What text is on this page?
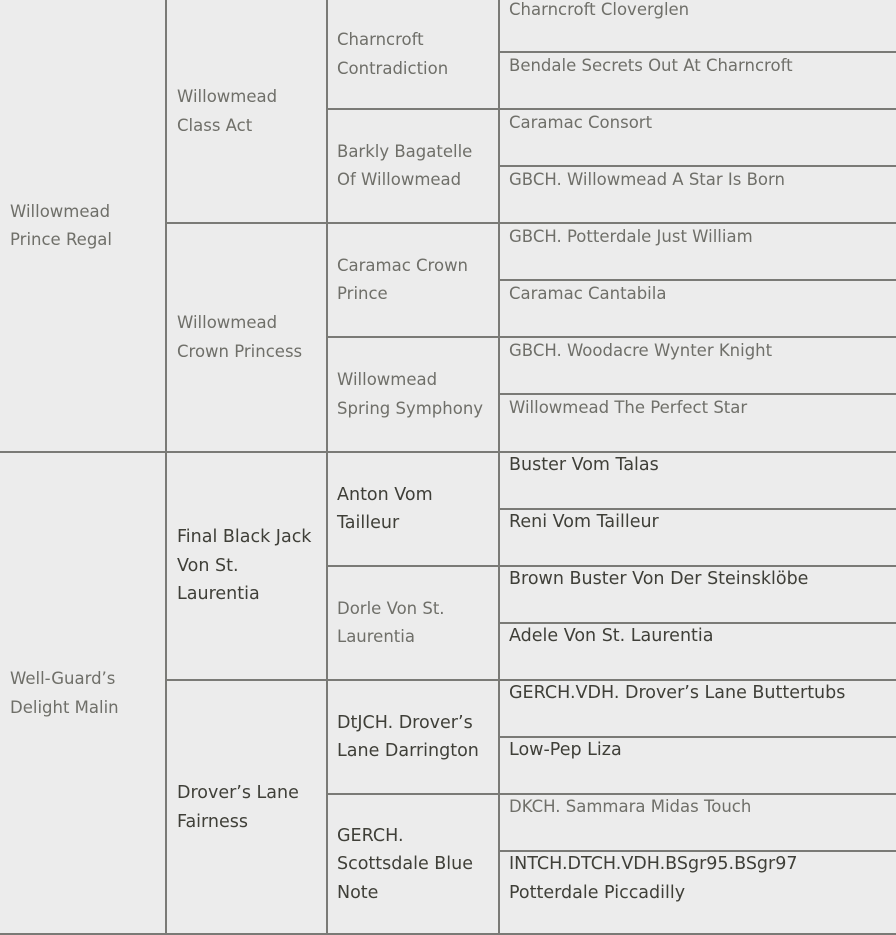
Willowmead Prince Regal
Well-Guard’s Delight Malin
Willowmead Class Act
Willowmead Crown Princess
Final Black Jack Von St. Laurentia
Drover’s Lane Fairness
Charncroft Contradiction
Barkly Bagatelle Of Willowmead
Caramac Crown Prince
Willowmead Spring Symphony
Anton Vom Tailleur
Dorle Von St. Laurentia
DtJCH. Drover’s Lane Darrington
GERCH. Scottsdale Blue Note
Charncroft Cloverglen
Bendale Secrets Out At Charncroft
Caramac Consort
GBCH. Willowmead A Star Is Born
GBCH. Potterdale Just William
Caramac Cantabila
GBCH. Woodacre Wynter Knight
Willowmead The Perfect Star
Buster Vom Talas
Reni Vom Tailleur
Brown Buster Von Der Steinsklöbe
Adele Von St. Laurentia
GERCH.VDH. Drover’s Lane Buttertubs
Low-Pep Liza
DKCH. Sammara Midas Touch
INTCH.DTCH.VDH.BSgr95.BSgr97 Potterdale Piccadilly
